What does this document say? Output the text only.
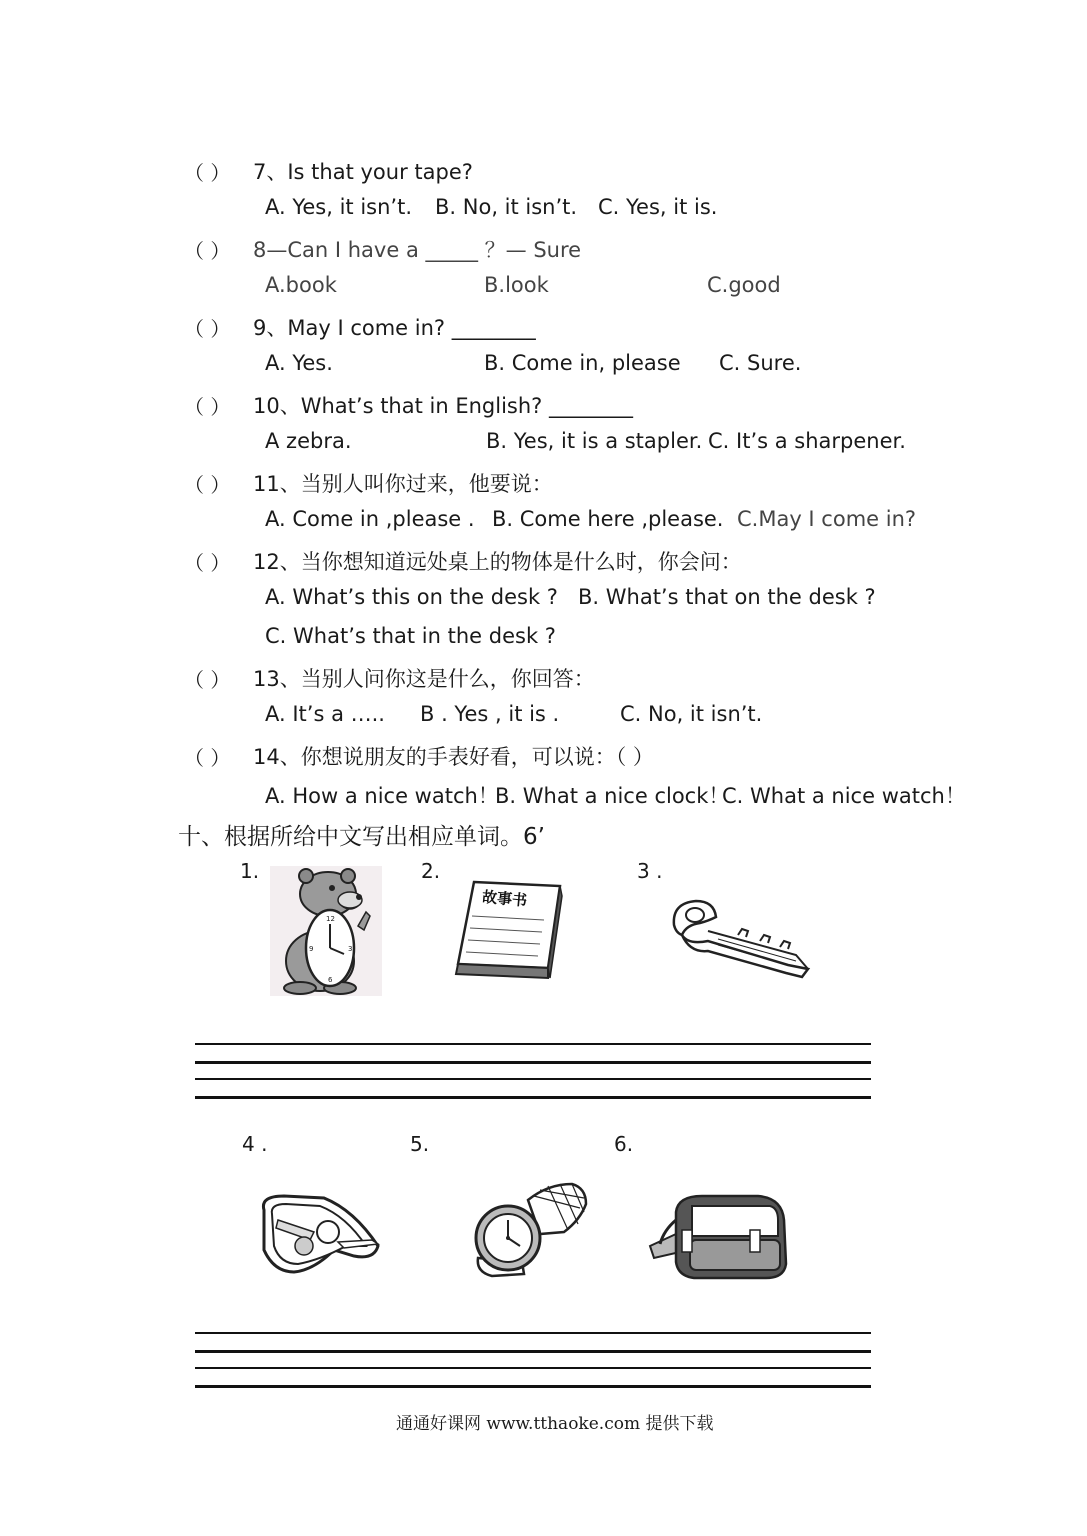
（ ） 7、Is that your tape?
A. Yes, it isn’t. B. No, it isn’t. C. Yes, it is.
（ ） 8—Can I have a _____ ？— Sure
A.book	B.look	C.good
（ ） 9、May I come in? ________
A. Yes.	B. Come in, please C. Sure.
（ ） 10、What’s that in English? ________
A zebra.	B. Yes, it is a stapler. C. It’s a sharpener.
（ ） 11、当别人叫你过来，他要说：
A. Come in ,please . B. Come here ,please. C.May I come in?
（ ） 12、当你想知道远处桌上的物体是什么时，你会问：
A. What’s this on the desk ? B. What’s that on the desk ?
C. What’s that in the desk ?
（ ） 13、当别人问你这是什么，你回答：
A. It’s a ….. B . Yes , it is .	C. No, it isn’t.
（ ） 14、你想说朋友的手表好看，可以说：（ ）
A. How a nice watch！
B. What a nice clock！
C. What a nice watch！
十、根据所给中文写出相应单词。6’
1.	2.	3 .
12
3
6
9
故事书
4 .	5.	6.
通通好课网 www.tthaoke.com 提供下载
